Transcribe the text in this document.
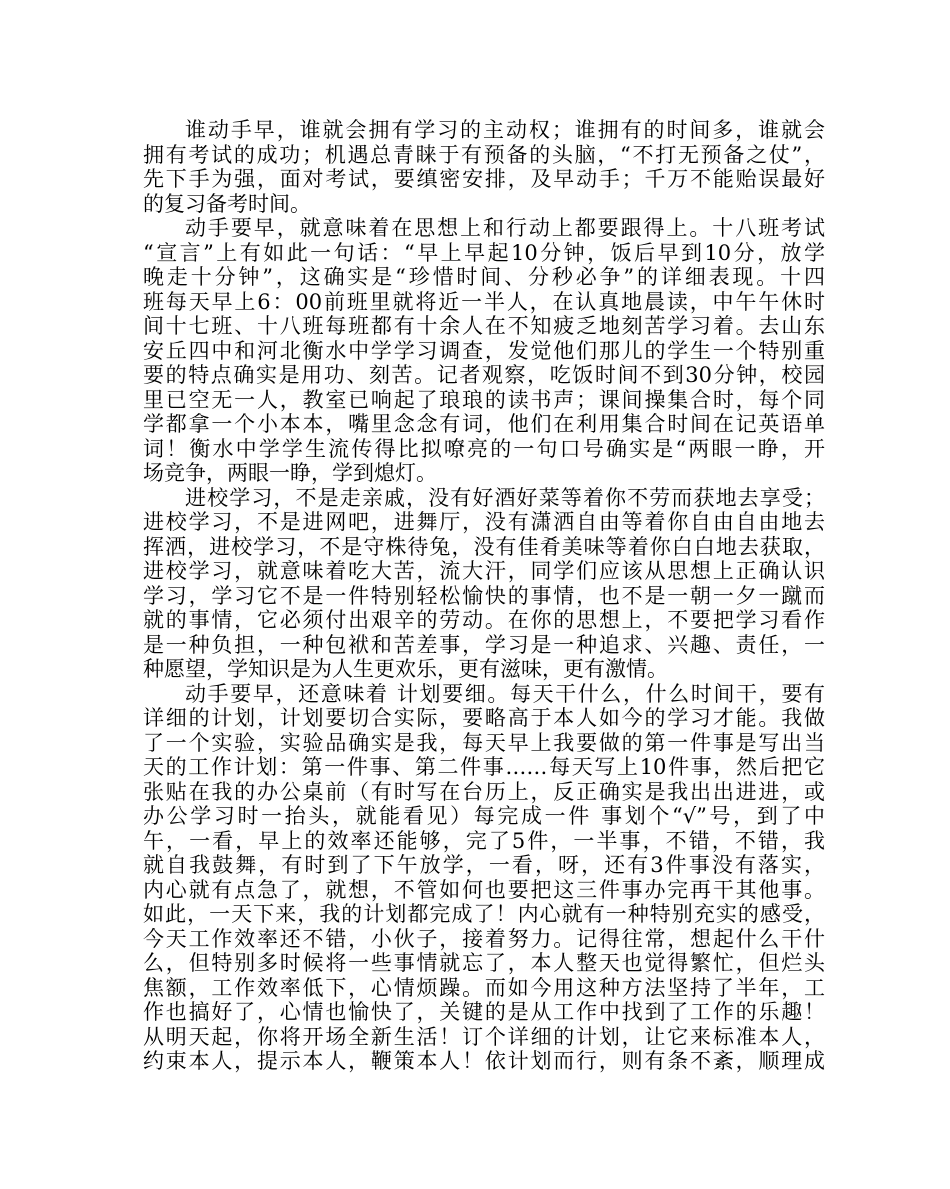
谁动手早，谁就会拥有学习的主动权；谁拥有的时间多，谁就会
拥有考试的成功；机遇总青睐于有预备的头脑，“不打无预备之仗”，
先下手为强，面对考试，要缜密安排，及早动手；千万不能贻误最好
的复习备考时间。
动手要早，就意味着在思想上和行动上都要跟得上。十八班考试
“宣言”上有如此一句话：“早上早起10分钟，饭后早到10分，放学
晚走十分钟”，这确实是“珍惜时间、分秒必争”的详细表现。十四
班每天早上6：00前班里就将近一半人，在认真地晨读，中午午休时
间十七班、十八班每班都有十余人在不知疲乏地刻苦学习着。去山东
安丘四中和河北衡水中学学习调查，发觉他们那儿的学生一个特别重
要的特点确实是用功、刻苦。记者观察，吃饭时间不到30分钟，校园
里已空无一人，教室已响起了琅琅的读书声；课间操集合时，每个同
学都拿一个小本本，嘴里念念有词，他们在利用集合时间在记英语单
词！衡水中学学生流传得比拟嘹亮的一句口号确实是“两眼一睁，开
场竞争，两眼一睁，学到熄灯。
进校学习，不是走亲戚，没有好酒好菜等着你不劳而获地去享受；
进校学习，不是进网吧，进舞厅，没有潇洒自由等着你自由自由地去
挥洒，进校学习，不是守株待兔，没有佳肴美味等着你白白地去获取，
进校学习，就意味着吃大苦，流大汗，同学们应该从思想上正确认识
学习，学习它不是一件特别轻松愉快的事情，也不是一朝一夕一蹴而
就的事情，它必须付出艰辛的劳动。在你的思想上，不要把学习看作
是一种负担，一种包袱和苦差事，学习是一种追求、兴趣、责任，一
种愿望，学知识是为人生更欢乐，更有滋味，更有激情。
动手要早，还意味着 计划要细。每天干什么，什么时间干，要有
详细的计划，计划要切合实际，要略高于本人如今的学习才能。我做
了一个实验，实验品确实是我，每天早上我要做的第一件事是写出当
天的工作计划：第一件事、第二件事……每天写上10件事，然后把它
张贴在我的办公桌前（有时写在台历上，反正确实是我出出进进，或
办公学习时一抬头，就能看见）每完成一件 事划个“√”号，到了中
午，一看，早上的效率还能够，完了5件，一半事，不错，不错，我
就自我鼓舞，有时到了下午放学，一看，呀，还有3件事没有落实，
内心就有点急了，就想，不管如何也要把这三件事办完再干其他事。
如此，一天下来，我的计划都完成了！内心就有一种特别充实的感受，
今天工作效率还不错，小伙子，接着努力。记得往常，想起什么干什
么，但特别多时候将一些事情就忘了，本人整天也觉得繁忙，但烂头
焦额，工作效率低下，心情烦躁。而如今用这种方法坚持了半年，工
作也搞好了，心情也愉快了，关键的是从工作中找到了工作的乐趣！
从明天起，你将开场全新生活！订个详细的计划，让它来标准本人，
约束本人，提示本人，鞭策本人！依计划而行，则有条不紊，顺理成
